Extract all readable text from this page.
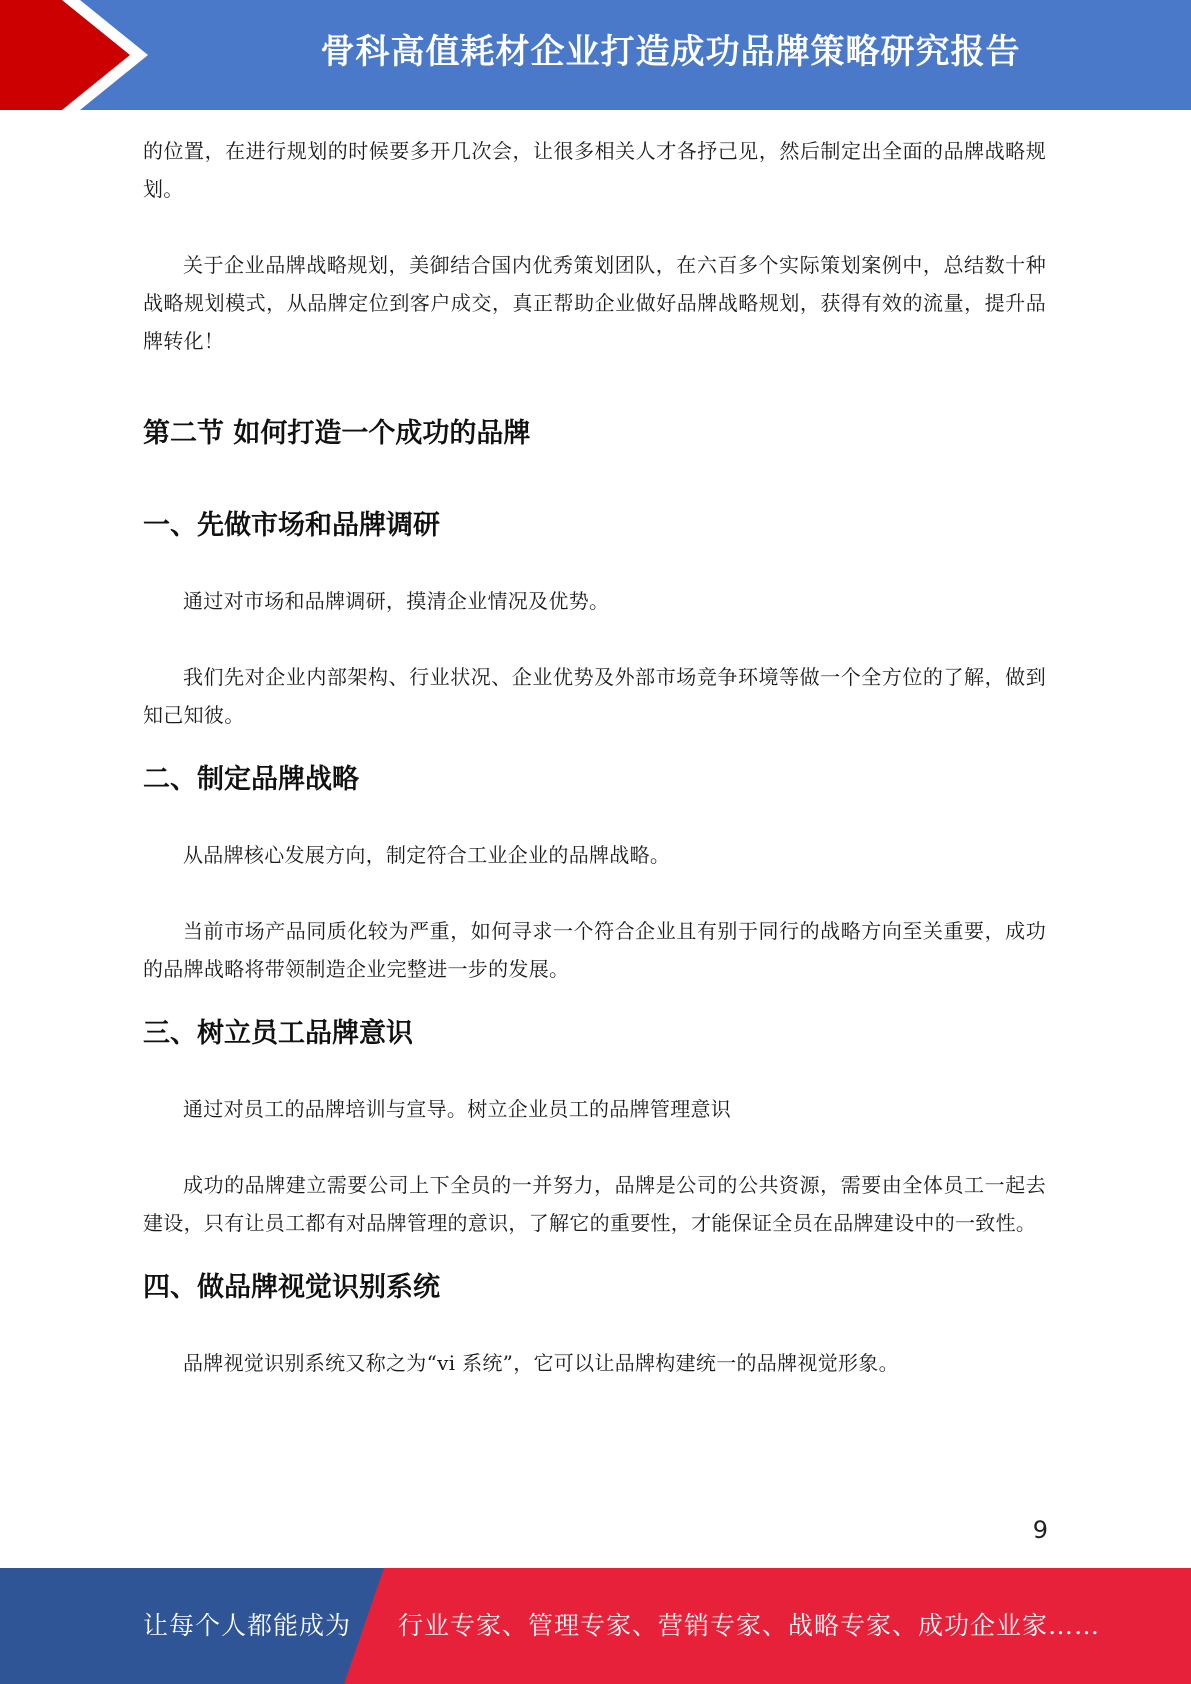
骨科高值耗材企业打造成功品牌策略研究报告

的位置，在进行规划的时候要多开几次会，让很多相关人才各抒己见，然后制定出全面的品牌战略规划。

关于企业品牌战略规划，美御结合国内优秀策划团队，在六百多个实际策划案例中，总结数十种战略规划模式，从品牌定位到客户成交，真正帮助企业做好品牌战略规划，获得有效的流量，提升品牌转化！

第二节 如何打造一个成功的品牌
一、先做市场和品牌调研

通过对市场和品牌调研，摸清企业情况及优势。

我们先对企业内部架构、行业状况、企业优势及外部市场竞争环境等做一个全方位的了解，做到知己知彼。

二、制定品牌战略

从品牌核心发展方向，制定符合工业企业的品牌战略。

当前市场产品同质化较为严重，如何寻求一个符合企业且有别于同行的战略方向至关重要，成功的品牌战略将带领制造企业完整进一步的发展。

三、树立员工品牌意识

通过对员工的品牌培训与宣导。树立企业员工的品牌管理意识

成功的品牌建立需要公司上下全员的一并努力，品牌是公司的公共资源，需要由全体员工一起去建设，只有让员工都有对品牌管理的意识，了解它的重要性，才能保证全员在品牌建设中的一致性。

四、做品牌视觉识别系统

品牌视觉识别系统又称之为“vi 系统”，它可以让品牌构建统一的品牌视觉形象。

9
让每个人都能成为 行业专家、管理专家、营销专家、战略专家、成功企业家……
